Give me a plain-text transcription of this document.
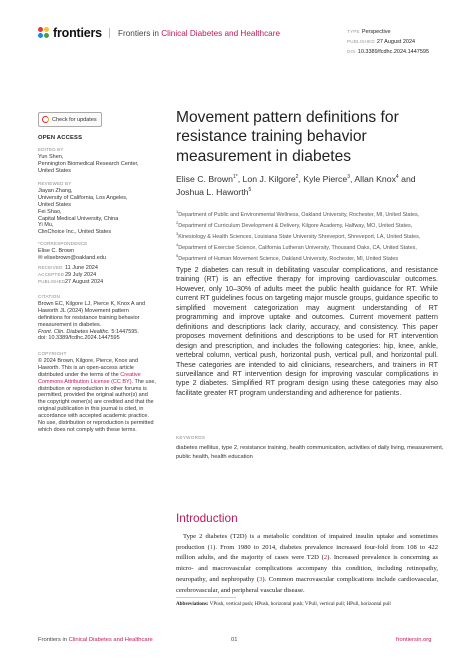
frontiers Frontiers in Clinical Diabetes and Healthcare	TYPE Perspective
PUBLISHED 27 August 2024
DOI 10.3389/fcdhc.2024.1447595
Check for updates
OPEN ACCESS
EDITED BY
Yun Shen,
Pennington Biomedical Research Center,
United States
REVIEWED BY
Jiayan Zhang,
University of California, Los Angeles,
United States
Fei Shao,
Capital Medical University, China
Yi Mu,
ClinChoice Inc., United States
*CORRESPONDENCE
Elise C. Brown
✉ elisebrown@oakland.edu
RECEIVED 11 June 2024
ACCEPTED 29 July 2024
PUBLISHED 27 August 2024
CITATION
Brown EC, Kilgore LJ, Pierce K, Knox A and
Haworth JL (2024) Movement pattern
definitions for resistance training behavior
measurement in diabetes.
Front. Clin. Diabetes Healthc. 5:1447595.
doi: 10.3389/fcdhc.2024.1447595
COPYRIGHT
© 2024 Brown, Kilgore, Pierce, Knox and
Haworth. This is an open-access article
distributed under the terms of the Creative
Commons Attribution License (CC BY). The use, distribution or reproduction in other forums is permitted, provided the original author(s) and the copyright owner(s) are credited and that the original publication in this journal is cited, in accordance with accepted academic practice. No use, distribution or reproduction is permitted which does not comply with these terms.
Movement pattern definitions for resistance training behavior measurement in diabetes
Elise C. Brown$^{1*}$, Lon J. Kilgore$^2$, Kyle Pierce$^3$, Allan Knox$^4$ and Joshua L. Haworth$^5$
$^1$Department of Public and Environmental Wellness, Oakland University, Rochester, MI, United States,
$^2$Department of Curriculum Development & Delivery, Kilgore Academy, Halfway, MO, United States,
$^3$Kinesiology & Health Sciences, Louisiana State University Shreveport, Shreveport, LA, United States,
$^4$Department of Exercise Science, California Lutheran University, Thousand Oaks, CA, United States,
$^5$Department of Human Movement Science, Oakland University, Rochester, MI, United States
Type 2 diabetes can result in debilitating vascular complications, and resistance training (RT) is an effective therapy for improving cardiovascular outcomes. However, only 10–30% of adults meet the public health guidance for RT. While current RT guidelines focus on targeting major muscle groups, guidance specific to simplified movement categorization may augment understanding of RT programming and improve uptake and outcomes. Current movement pattern definitions and descriptions lack clarity, accuracy, and consistency. This paper proposes movement definitions and descriptions to be used for RT intervention design and prescription, and includes the following categories: hip, knee, ankle, vertebral column, vertical push, horizontal push, vertical pull, and horizontal pull. These categories are intended to aid clinicians, researchers, and trainers in RT surveillance and RT intervention design for improving vascular complications in type 2 diabetes. Simplified RT program design using these categories may also facilitate greater RT program understanding and adherence for patients.
KEYWORDS
diabetes mellitus, type 2, resistance training, health communication, activities of daily living, measurement, public health, health education
Introduction
Type 2 diabetes (T2D) is a metabolic condition of impaired insulin uptake and sometimes production (1). From 1980 to 2014, diabetes prevalence increased four-fold from 108 to 422 million adults, and the majority of cases were T2D (2). Increased prevalence is concerning as micro- and macrovascular complications accompany this condition, including retinopathy, neuropathy, and nephropathy (3). Common macrovascular complications include cardiovascular, cerebrovascular, and peripheral vascular disease.
Abbreviations: VPush, vertical push; HPush, horizontal push; VPull, vertical pull; HPull, horizontal pull
Frontiers in Clinical Diabetes and Healthcare	01	frontiersin.org
